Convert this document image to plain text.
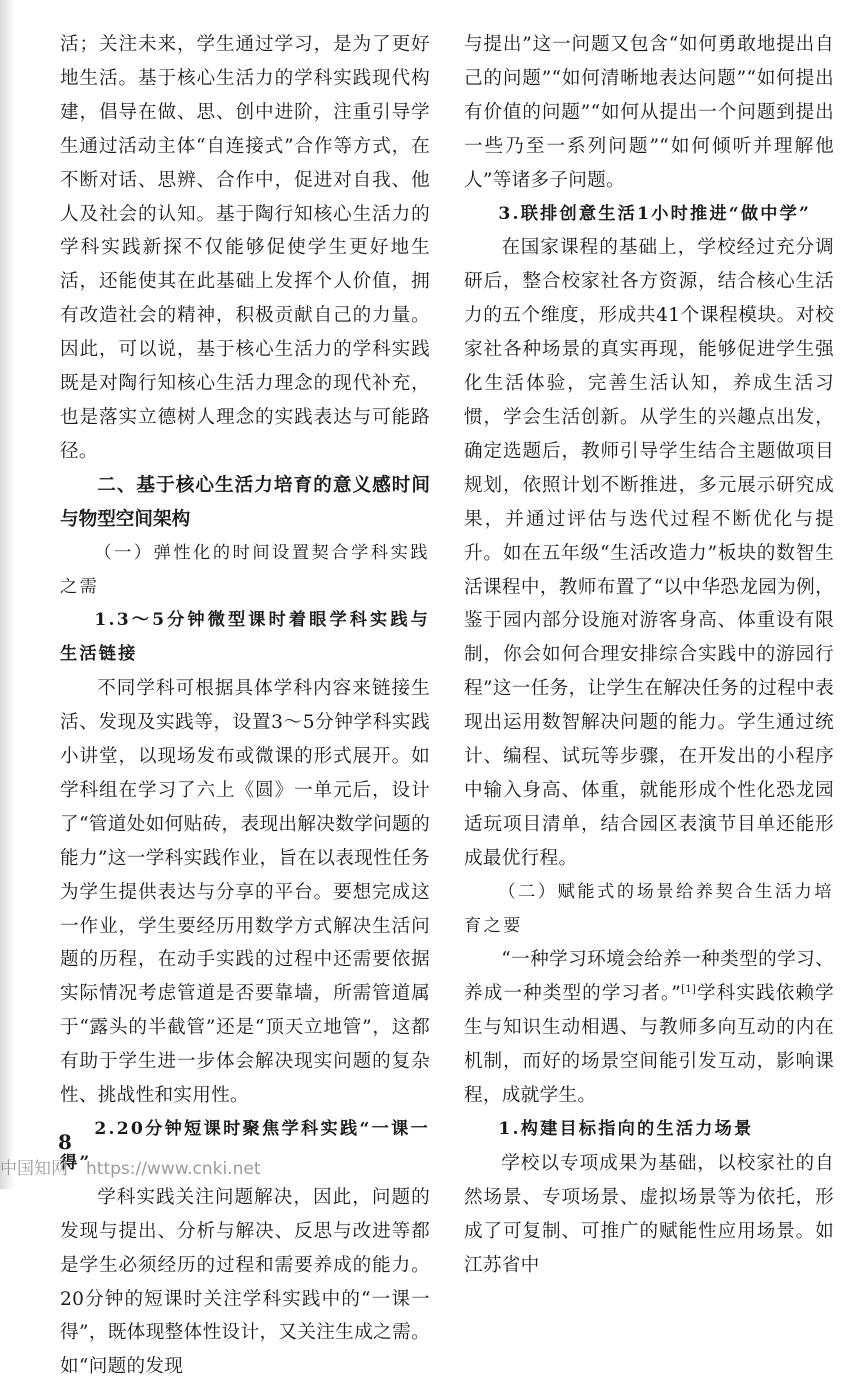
活；关注未来，学生通过学习，是为了更好地生活。基于核心生活力的学科实践现代构建，倡导在做、思、创中进阶，注重引导学生通过活动主体“自连接式”合作等方式，在不断对话、思辨、合作中，促进对自我、他人及社会的认知。基于陶行知核心生活力的学科实践新探不仅能够促使学生更好地生活，还能使其在此基础上发挥个人价值，拥有改造社会的精神，积极贡献自己的力量。因此，可以说，基于核心生活力的学科实践既是对陶行知核心生活力理念的现代补充，也是落实立德树人理念的实践表达与可能路径。

二、基于核心生活力培育的意义感时间与物型空间架构

（一）弹性化的时间设置契合学科实践之需

1.3～5分钟微型课时着眼学科实践与生活链接

不同学科可根据具体学科内容来链接生活、发现及实践等，设置3～5分钟学科实践小讲堂，以现场发布或微课的形式展开。如学科组在学习了六上《圆》一单元后，设计了“管道处如何贴砖，表现出解决数学问题的能力”这一学科实践作业，旨在以表现性任务为学生提供表达与分享的平台。要想完成这一作业，学生要经历用数学方式解决生活问题的历程，在动手实践的过程中还需要依据实际情况考虑管道是否要靠墙，所需管道属于“露头的半截管”还是“顶天立地管”，这都有助于学生进一步体会解决现实问题的复杂性、挑战性和实用性。

2.20分钟短课时聚焦学科实践“一课一得”

学科实践关注问题解决，因此，问题的发现与提出、分析与解决、反思与改进等都是学生必须经历的过程和需要养成的能力。20分钟的短课时关注学科实践中的“一课一得”，既体现整体性设计，又关注生成之需。如“问题的发现

与提出”这一问题又包含“如何勇敢地提出自己的问题”“如何清晰地表达问题”“如何提出有价值的问题”“如何从提出一个问题到提出一些乃至一系列问题”“如何倾听并理解他人”等诸多子问题。

3.联排创意生活1小时推进“做中学”

在国家课程的基础上，学校经过充分调研后，整合校家社各方资源，结合核心生活力的五个维度，形成共41个课程模块。对校家社各种场景的真实再现，能够促进学生强化生活体验，完善生活认知，养成生活习惯，学会生活创新。从学生的兴趣点出发，确定选题后，教师引导学生结合主题做项目规划，依照计划不断推进，多元展示研究成果，并通过评估与迭代过程不断优化与提升。如在五年级“生活改造力”板块的数智生活课程中，教师布置了“以中华恐龙园为例，鉴于园内部分设施对游客身高、体重设有限制，你会如何合理安排综合实践中的游园行程”这一任务，让学生在解决任务的过程中表现出运用数智解决问题的能力。学生通过统计、编程、试玩等步骤，在开发出的小程序中输入身高、体重，就能形成个性化恐龙园适玩项目清单，结合园区表演节目单还能形成最优行程。

（二）赋能式的场景给养契合生活力培育之要

“一种学习环境会给养一种类型的学习、养成一种类型的学习者。”[1]学科实践依赖学生与知识生动相遇、与教师多向互动的内在机制，而好的场景空间能引发互动，影响课程，成就学生。

1.构建目标指向的生活力场景

学校以专项成果为基础，以校家社的自然场景、专项场景、虚拟场景等为依托，形成了可复制、可推广的赋能性应用场景。如江苏省中

8
中国知网 https://www.cnki.net
